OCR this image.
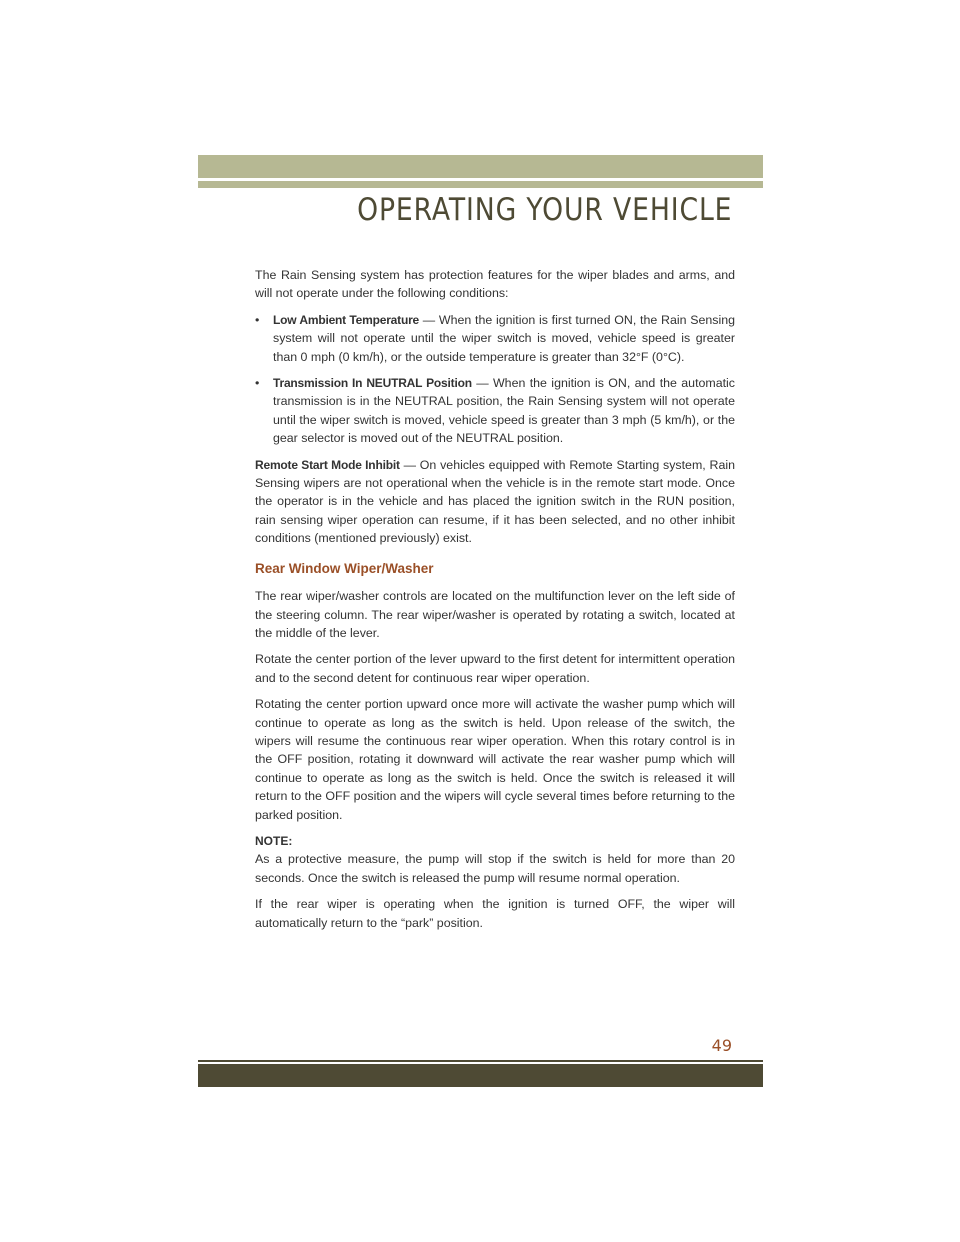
OPERATING YOUR VEHICLE

The Rain Sensing system has protection features for the wiper blades and arms, and will not operate under the following conditions:

• Low Ambient Temperature — When the ignition is first turned ON, the Rain Sensing system will not operate until the wiper switch is moved, vehicle speed is greater than 0 mph (0 km/h), or the outside temperature is greater than 32°F (0°C).
• Transmission In NEUTRAL Position — When the ignition is ON, and the automatic transmission is in the NEUTRAL position, the Rain Sensing system will not operate until the wiper switch is moved, vehicle speed is greater than 3 mph (5 km/h), or the gear selector is moved out of the NEUTRAL position.

Remote Start Mode Inhibit — On vehicles equipped with Remote Starting system, Rain Sensing wipers are not operational when the vehicle is in the remote start mode. Once the operator is in the vehicle and has placed the ignition switch in the RUN position, rain sensing wiper operation can resume, if it has been selected, and no other inhibit conditions (mentioned previously) exist.

Rear Window Wiper/Washer

The rear wiper/washer controls are located on the multifunction lever on the left side of the steering column. The rear wiper/washer is operated by rotating a switch, located at the middle of the lever.

Rotate the center portion of the lever upward to the first detent for intermittent operation and to the second detent for continuous rear wiper operation.

Rotating the center portion upward once more will activate the washer pump which will continue to operate as long as the switch is held. Upon release of the switch, the wipers will resume the continuous rear wiper operation. When this rotary control is in the OFF position, rotating it downward will activate the rear washer pump which will continue to operate as long as the switch is held. Once the switch is released it will return to the OFF position and the wipers will cycle several times before returning to the parked position.

NOTE:
As a protective measure, the pump will stop if the switch is held for more than 20 seconds. Once the switch is released the pump will resume normal operation.

If the rear wiper is operating when the ignition is turned OFF, the wiper will automatically return to the “park” position.

49
